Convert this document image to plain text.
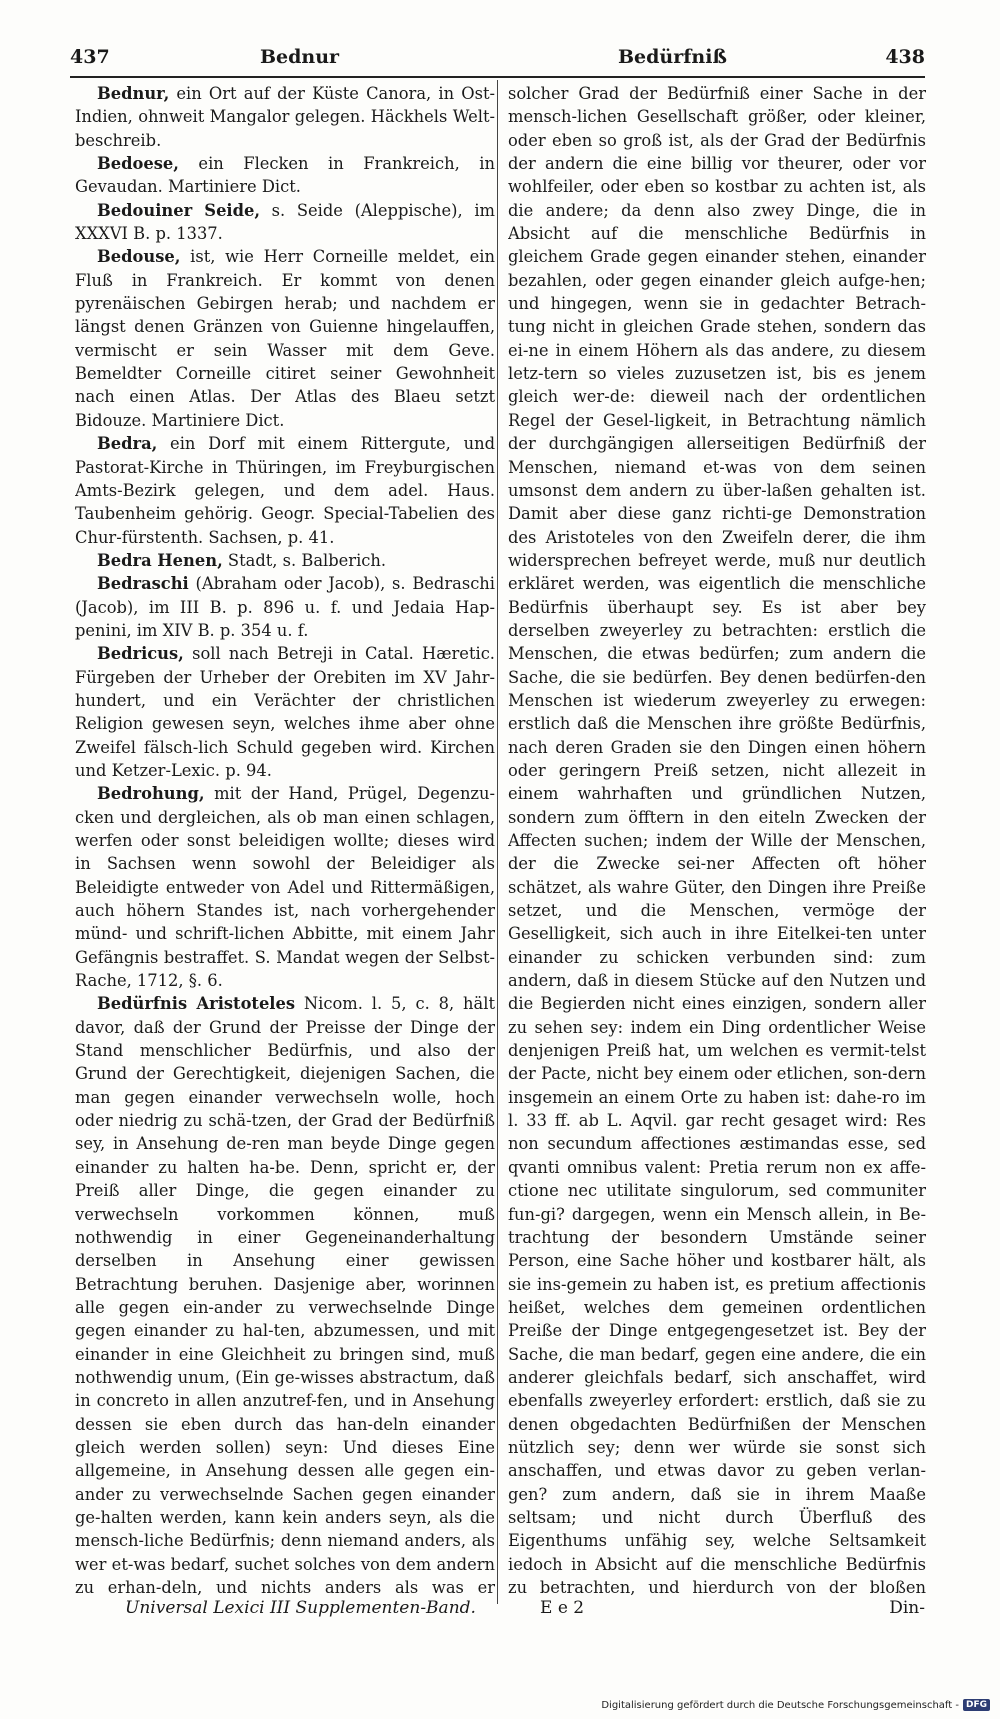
437	Bednur	Bedürfniß	438

Bednur, ein Ort auf der Küste Canora, in Ost-Indien, ohnweit Mangalor gelegen. Häckhels Welt-beschreib.

Bedoese, ein Flecken in Frankreich, in Gevaudan. Martiniere Dict.

Bedouiner Seide, s. Seide (Aleppische), im XXXVI B. p. 1337.

Bedouse, ist, wie Herr Corneille meldet, ein Fluß in Frankreich. Er kommt von denen pyrenäischen Gebirgen herab; und nachdem er längst denen Gränzen von Guienne hingelauffen, vermischt er sein Wasser mit dem Geve. Bemeldter Corneille citiret seiner Gewohnheit nach einen Atlas. Der Atlas des Blaeu setzt Bidouze. Martiniere Dict.

Bedra, ein Dorf mit einem Rittergute, und Pastorat-Kirche in Thüringen, im Freyburgischen Amts-Bezirk gelegen, und dem adel. Haus. Taubenheim gehörig. Geogr. Special-Tabelien des Chur-fürstenth. Sachsen, p. 41.

Bedra Henen, Stadt, s. Balberich.

Bedraschi (Abraham oder Jacob), s. Bedraschi (Jacob), im III B. p. 896 u. f. und Jedaia Hap-penini, im XIV B. p. 354 u. f.

Bedricus, soll nach Betreji in Catal. Hæretic. Fürgeben der Urheber der Orebiten im XV Jahr-hundert, und ein Verächter der christlichen Religion gewesen seyn, welches ihme aber ohne Zweifel fälsch-lich Schuld gegeben wird. Kirchen und Ketzer-Lexic. p. 94.

Bedrohung, mit der Hand, Prügel, Degenzu-cken und dergleichen, als ob man einen schlagen, werfen oder sonst beleidigen wollte; dieses wird in Sachsen wenn sowohl der Beleidiger als Beleidigte entweder von Adel und Rittermäßigen, auch höhern Standes ist, nach vorhergehender münd- und schrift-lichen Abbitte, mit einem Jahr Gefängnis bestraffet. S. Mandat wegen der Selbst-Rache, 1712, §. 6.

Bedürfnis Aristoteles Nicom. l. 5, c. 8, hält davor, daß der Grund der Preisse der Dinge der Stand menschlicher Bedürfnis, und also der Grund der Gerechtigkeit, diejenigen Sachen, die man gegen einander verwechseln wolle, hoch oder niedrig zu schä-tzen, der Grad der Bedürfniß sey, in Ansehung de-ren man beyde Dinge gegen einander zu halten ha-be. Denn, spricht er, der Preiß aller Dinge, die gegen einander zu verwechseln vorkommen können, muß nothwendig in einer Gegeneinanderhaltung derselben in Ansehung einer gewissen Betrachtung beruhen. Dasjenige aber, worinnen alle gegen ein-ander zu verwechselnde Dinge gegen einander zu hal-ten, abzumessen, und mit einander in eine Gleichheit zu bringen sind, muß nothwendig unum, (Ein ge-wisses abstractum, daß in concreto in allen anzutref-fen, und in Ansehung dessen sie eben durch das han-deln einander gleich werden sollen) seyn: Und dieses Eine allgemeine, in Ansehung dessen alle gegen ein-ander zu verwechselnde Sachen gegen einander ge-halten werden, kann kein anders seyn, als die mensch-liche Bedürfnis; denn niemand anders, als wer et-was bedarf, suchet solches von dem andern zu erhan-deln, und nichts anders als was er

solcher Grad der Bedürfniß einer Sache in der mensch-lichen Gesellschaft größer, oder kleiner, oder eben so groß ist, als der Grad der Bedürfnis der andern die eine billig vor theurer, oder vor wohlfeiler, oder eben so kostbar zu achten ist, als die andere; da denn also zwey Dinge, die in Absicht auf die menschliche Bedürfnis in gleichem Grade gegen einander stehen, einander bezahlen, oder gegen einander gleich aufge-hen; und hingegen, wenn sie in gedachter Betrach-tung nicht in gleichen Grade stehen, sondern das ei-ne in einem Höhern als das andere, zu diesem letz-tern so vieles zuzusetzen ist, bis es jenem gleich wer-de: dieweil nach der ordentlichen Regel der Gesel-ligkeit, in Betrachtung nämlich der durchgängigen allerseitigen Bedürfniß der Menschen, niemand et-was von dem seinen umsonst dem andern zu über-laßen gehalten ist. Damit aber diese ganz richti-ge Demonstration des Aristoteles von den Zweifeln derer, die ihm widersprechen befreyet werde, muß nur deutlich erkläret werden, was eigentlich die menschliche Bedürfnis überhaupt sey. Es ist aber bey derselben zweyerley zu betrachten: erstlich die Menschen, die etwas bedürfen; zum andern die Sache, die sie bedürfen. Bey denen bedürfen-den Menschen ist wiederum zweyerley zu erwegen: erstlich daß die Menschen ihre größte Bedürfnis, nach deren Graden sie den Dingen einen höhern oder geringern Preiß setzen, nicht allezeit in einem wahrhaften und gründlichen Nutzen, sondern zum öfftern in den eiteln Zwecken der Affecten suchen; indem der Wille der Menschen, der die Zwecke sei-ner Affecten oft höher schätzet, als wahre Güter, den Dingen ihre Preiße setzet, und die Menschen, vermöge der Geselligkeit, sich auch in ihre Eitelkei-ten unter einander zu schicken verbunden sind: zum andern, daß in diesem Stücke auf den Nutzen und die Begierden nicht eines einzigen, sondern aller zu sehen sey: indem ein Ding ordentlicher Weise denjenigen Preiß hat, um welchen es vermit-telst der Pacte, nicht bey einem oder etlichen, son-dern insgemein an einem Orte zu haben ist: dahe-ro im l. 33 ff. ab L. Aqvil. gar recht gesaget wird: Res non secundum affectiones æstimandas esse, sed qvanti omnibus valent: Pretia rerum non ex affe-ctione nec utilitate singulorum, sed communiter fun-gi? dargegen, wenn ein Mensch allein, in Be-trachtung der besondern Umstände seiner Person, eine Sache höher und kostbarer hält, als sie ins-gemein zu haben ist, es pretium affectionis heißet, welches dem gemeinen ordentlichen Preiße der Dinge entgegengesetzet ist. Bey der Sache, die man bedarf, gegen eine andere, die ein anderer gleichfals bedarf, sich anschaffet, wird ebenfalls zweyerley erfordert: erstlich, daß sie zu denen obgedachten Bedürfnißen der Menschen nützlich sey; denn wer würde sie sonst sich anschaffen, und etwas davor zu geben verlan-gen? zum andern, daß sie in ihrem Maaße seltsam; und nicht durch Überfluß des Eigenthums unfähig sey, welche Seltsamkeit iedoch in Absicht auf die menschliche Bedürfnis zu betrachten, und hierdurch von der bloßen

Universal Lexici III Supplementen-Band.	E e 2	Din-
Digitalisierung gefördert durch die Deutsche Forschungsgemeinschaft - DFG
